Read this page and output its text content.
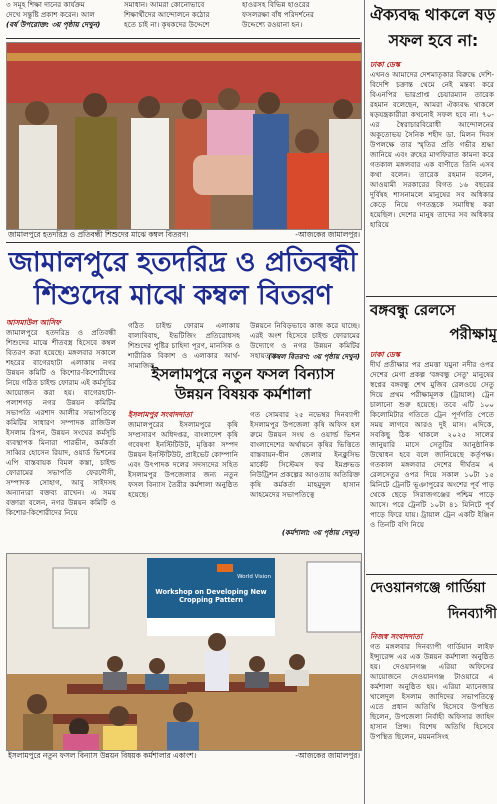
৩ সমূহ শিক্ষা দানের কার্যক্রম

দেখে সন্তুষ্টি প্রকাশ করেন। আল

(বর্ষ উপরোক্ত: ৩য় পৃষ্ঠায় দেখুন)

সমাধান। আমরা কোনোভাবে

শিক্ষার্থীদের আন্দোলনে কঠোর

হতে চাই না। কৃষকদের উদ্দেশে

হাওরসহ বিভিন্ন হাওরের

ফসলরক্ষা বাঁধ পরিদর্শনের

উদ্দেশ্যে রওয়ানা হন।

জামালপুরে হতদরিদ্র ও প্রতিবন্ধী শিশুদের মাঝে কম্বল বিতরণ।	-আজকের জামালপুর।
জামালপুরে হতদরিদ্র ও প্রতিবন্ধী
শিশুদের মাঝে কম্বল বিতরণ
আসমাউল আসিফ
জামালপুরে হতদরিদ্র ও প্রতিবন্ধী শিশুদের মাঝে শীতবস্ত্র হিসেবে কম্বল বিতরণ করা হয়েছে। মঙ্গলবার সকালে শহরের বাগেরহাটা এলাকায় নগর উন্নয়ন কমিটি ও কিশোর-কিশোরীদের নিয়ে গঠিত চাইল্ড ফোরাম এই কর্মসূচির আয়োজন করা হয়। বাগেরহাটা-পলাশগড় নগর উন্নয়ন কমিটির সভাপতি এরশাদ আলীর সভাপতিত্বে কমিটির সাধারণ সম্পাদক রাজিউল ইসলাম রিপন, উন্নয়ন সংঘের কর্মসূচি ব্যবস্থাপক মিনারা পারভীন, কর্মকর্তা সাব্বির হোসেন রিয়াদ, ওয়ার্ড ভিশনের এপি বাস্তবায়ক বিমল কস্তা, চাইল্ড ফোরামের সভাপতি ফেরদৌসী, সম্পাদক সোহাগ, আবু সাইদসহ অন্যান্যরা বক্তব্য রাখেন। এ সময় বক্তারা বলেন, নগর উন্নয়ন কমিটি ও কিশোর-কিশোরীদের নিয়ে
গঠিত চাইল্ড ফোরাম এলাকায় বাল্যবিবাহ, ইভটিজিং প্রতিরোধসহ শিশুদের পুষ্টির চাহিদা পূরণ, মানসিক ও শারীরিক বিকাশ ও এলাকার আর্থ-সামাজিক
উন্নয়নে নিবিড়ভাবে কাজ করে যাচ্ছে। এরই অংশ হিসেবে চাইল্ড ফোরামের উদ্যোগে ও নগর উন্নয়ন কমিটির সহায়তায়
(কম্বল বিতরণ: ৩য় পৃষ্ঠায় দেখুন)
ইসলামপুরে নতুন ফসল বিন্যাস
উন্নয়ন বিষয়ক কর্মশালা
ইসলামপুর সংবাদদাতা
জামালপুরের ইসলামপুরে কৃষি সম্প্রসারণ অধিদপ্তর, বাংলাদেশ কৃষি গবেষণা ইনস্টিটিউট, মৃত্তিকা সম্পদ উন্নয়ন ইনস্টিটিউট, প্রাইভেট কোম্পানি এবং উৎপাদক দলের সদস্যদের সহিত ইসলামপুর উপজেলার জন্য নতুন ফসল বিন্যাস তৈরীর কর্মশালা অনুষ্ঠিত হয়েছে।
গত সোমবার ২৫ নভেম্বর দিনব্যাপী ইসলামপুর উপজেলা কৃষি অফিস হল রুমে উন্নয়ন সংঘ ও ওয়ার্ল্ড ভিশন বাংলাদেশের অর্থায়নে কৃষির ভিত্তিতে বাস্তবায়ন-ধীন জেলার ইনক্লুসিভ মার্কেট সিস্টেমস ফর ইমপ্রুভড নিউট্রিশন প্রকল্পের আওতায় অতিরিক্ত কৃষি কর্মকর্তা মাহমুদুল হাসান আহমেদের সভাপতিত্বে
(কর্মশালা: ৩য় পৃষ্ঠায় দেখুন)
Workshop on Developing New Cropping Pattern
World Vision
ইসলামপুরে নতুন ফসল বিন্যাস উন্নয়ন বিষয়ক কর্মশালার একাংশ।	-আজকের জামালপুর।
ঐক্যবদ্ধ থাকলে ষড়
সফল হবে না:
ঢাকা ডেস্ক
এখনও আমাদের দেশমাতৃকার বিরুদ্ধে দেশি-বিদেশি চক্রান্ত থেমে নেই মন্তব্য করে বিএনপির ভারপ্রাপ্ত চেয়ারম্যান তারেক রহমান বলেছেন, আমরা ঐক্যবদ্ধ থাকলে ষড়যন্ত্রকারীরা কখনোই সফল হবে না। ৭০-এর স্বৈরাচারবিরোধী আন্দোলনের অকুতোভয় সৈনিক শহীদ ডা. মিলন দিবস উপলক্ষে তার স্মৃতির প্রতি গভীর শ্রদ্ধা জানিয়ে এবং রুহের মাগফিরাত কামনা করে গতকাল মঙ্গলবার এক বাণীতে তিনি এসব কথা বলেন। তারেক রহমান বলেন, আওয়ামী সরকারের বিগত ১৬ বছরের দুর্বিষহ শাসনামলে মানুষের সব অধিকার কেড়ে নিয়ে গণতন্ত্রকে সমাধিস্থ করা হয়েছিল। দেশের মানুষ তাদের সব অধিকার হারিয়ে
বঙ্গবন্ধু রেলসে
পরীক্ষামূ
ঢাকা ডেস্ক
দীর্ঘ প্রতীক্ষার পর প্রমত্তা যমুনা নদীর ওপর দেশের মেগা প্রকল্প 'বঙ্গবন্ধু সেতু' মানুষের স্বপ্নের বঙ্গবন্ধু শেখ মুজিব রেলওয়ে সেতু দিয়ে প্রথম পরীক্ষামূলক (ট্রায়াল) ট্রেন চালানো শুরু হয়েছে। তবে এটি ১০০ কিলোমিটার গতিতে ট্রেন পূর্ণগতি পেতে সময় লাগবে আরও দুই মাস। এদিকে, সবকিছু ঠিক থাকলে ২০২৫ সালের জানুয়ারি মাসে সেতুটির আনুষ্ঠানিক উদ্বোধন হবে বলে জানিয়েছে কর্তৃপক্ষ। গতকাল মঙ্গলবার দেশের দীর্ঘতম এ রেলসেতুর ওপর দিয়ে সকাল ১০টা ১৫ মিনিটে ট্রেনটি ভূঞাপুরের অংশের পূর্ব পাড় থেকে ছেড়ে সিরাজগঞ্জের পশ্চিম পাড়ে আসে। পরে ট্রেনটি ১০টা ৪১ মিনিটে পূর্ব পাড়ে ফিরে যায়। ট্রায়াল ট্রেন একটি ইঞ্জিন ও তিনটি বগি নিয়ে
দেওয়ানগঞ্জে গার্ডিয়া
দিনব্যাপী
নিজস্ব সংবাদদাতা
গত মঙ্গলবার দিনব্যাপী গার্ডিয়ান লাইফ ইন্স্যুরেন্স এর এক উন্নয়ন কর্মশালা অনুষ্ঠিত হয়। দেওয়ানগঞ্জ এরিয়া অফিসের আয়োজনে দেওয়ানগঞ্জ টাওয়ারে এ কর্মশালা অনুষ্ঠিত হয়। এরিয়া ম্যানেজার খালেদুল ইসলাম জাদিদের সভাপতিত্বে এতে প্রধান অতিথি হিসেবে উপস্থিত ছিলেন, উপজেলা নির্বাহী অফিসার জাহিদ হাসান প্রিন্স। বিশেষ অতিথি হিসেবে উপস্থিত ছিলেন, ময়মনসিংহ
